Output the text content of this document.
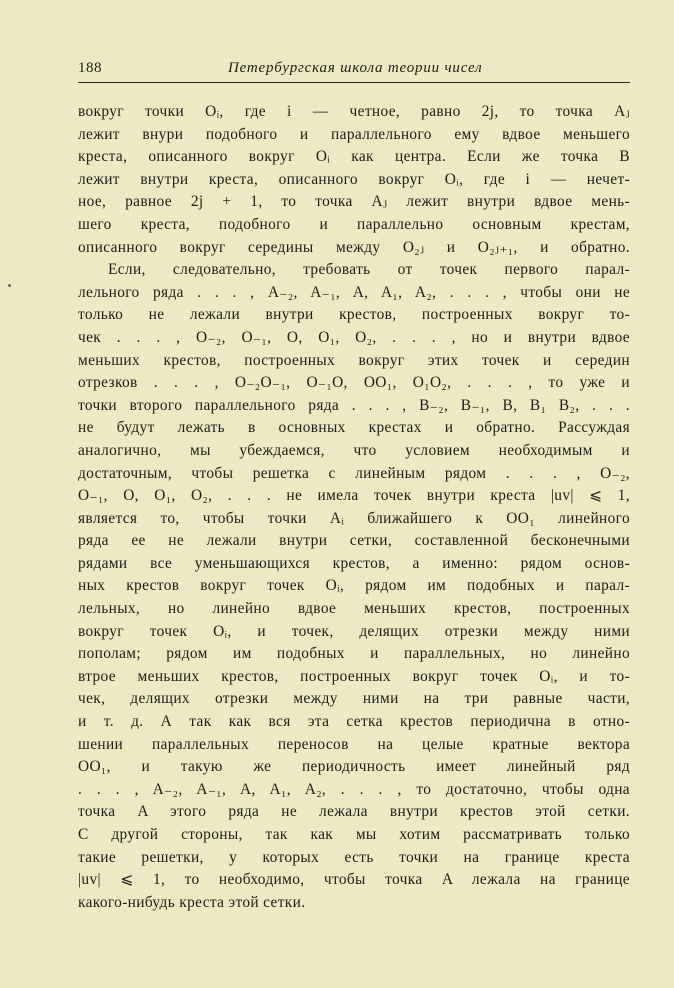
188	Петербургская школа теории чисел
вокруг точки Oᵢ, где i — четное, равно 2j, то точка Aⱼ
лежит внури подобного и параллельного ему вдвое меньшего
креста, описанного вокруг Oᵢ как центра. Если же точка B
лежит внутри креста, описанного вокруг Oᵢ, где i — нечет-
ное, равное 2j + 1, то точка Aⱼ лежит внутри вдвое мень-
шего креста, подобного и параллельно основным крестам,
описанного вокруг середины между O₂ⱼ и O₂ⱼ₊₁, и обратно.
Если, следовательно, требовать от точек первого парал-
лельного ряда . . . , A₋₂, A₋₁, A, A₁, A₂, . . . , чтобы они не
только не лежали внутри крестов, построенных вокруг то-
чек . . . , O₋₂, O₋₁, O, O₁, O₂, . . . , но и внутри вдвое
меньших крестов, построенных вокруг этих точек и середин
отрезков . . . , O₋₂O₋₁, O₋₁O, OO₁, O₁O₂, . . . , то уже и
точки второго параллельного ряда . . . , B₋₂, B₋₁, B, B₁ B₂, . . .
не будут лежать в основных крестах и обратно. Рассуждая
аналогично, мы убеждаемся, что условием необходимым и
достаточным, чтобы решетка с линейным рядом . . . , O₋₂,
O₋₁, O, O₁, O₂, . . . не имела точек внутри креста |uv| ⩽ 1,
является то, чтобы точки Aᵢ ближайшего к OO₁ линейного
ряда ее не лежали внутри сетки, составленной бесконечными
рядами все уменьшающихся крестов, а именно: рядом основ-
ных крестов вокруг точек Oᵢ, рядом им подобных и парал-
лельных, но линейно вдвое меньших крестов, построенных
вокруг точек Oᵢ, и точек, делящих отрезки между ними
пополам; рядом им подобных и параллельных, но линейно
втрое меньших крестов, построенных вокруг точек Oᵢ, и то-
чек, делящих отрезки между ними на три равные части,
и т. д. А так как вся эта сетка крестов периодична в отно-
шении параллельных переносов на целые кратные вектора
OO₁, и такую же периодичность имеет линейный ряд
. . . , A₋₂, A₋₁, A, A₁, A₂, . . . , то достаточно, чтобы одна
точка A этого ряда не лежала внутри крестов этой сетки.
С другой стороны, так как мы хотим рассматривать только
такие решетки, у которых есть точки на границе креста
|uv| ⩽ 1, то необходимо, чтобы точка A лежала на границе
какого-нибудь креста этой сетки.
